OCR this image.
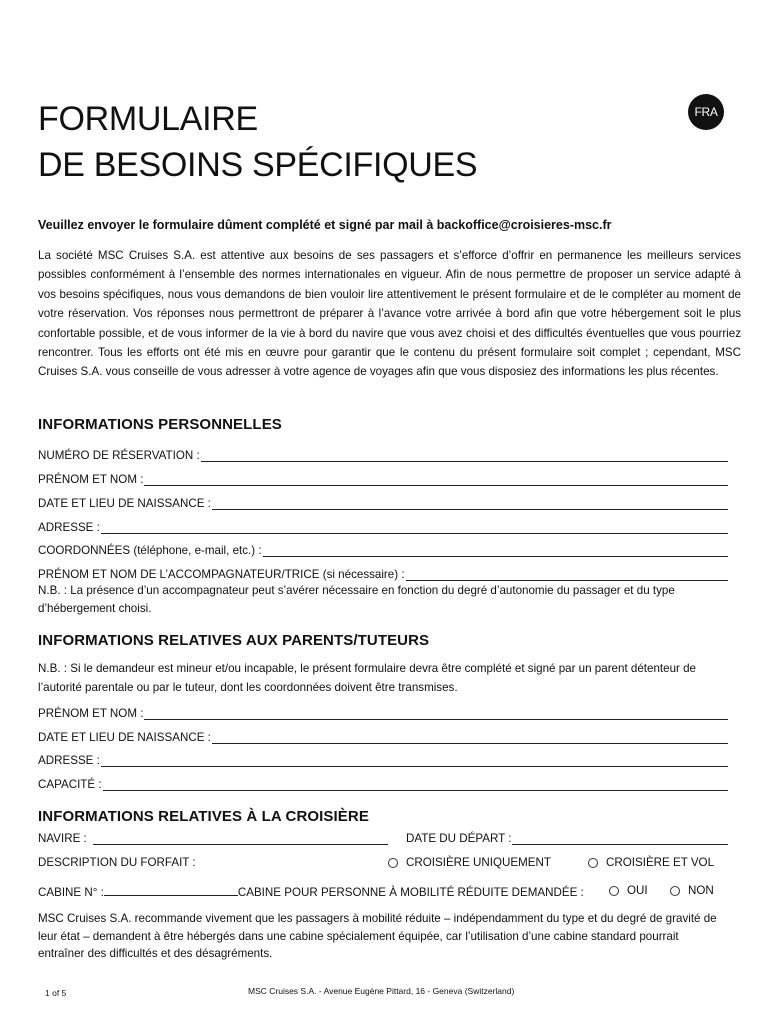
FORMULAIRE
DE BESOINS SPÉCIFIQUES
FRA

Veuillez envoyer le formulaire dûment complété et signé par mail à backoffice@croisieres-msc.fr

La société MSC Cruises S.A. est attentive aux besoins de ses passagers et s’efforce d’offrir en permanence les meilleurs services possibles conformément à l’ensemble des normes internationales en vigueur. Afin de nous permettre de proposer un service adapté à vos besoins spécifiques, nous vous demandons de bien vouloir lire attentivement le présent formulaire et de le compléter au moment de votre réservation. Vos réponses nous permettront de préparer à l’avance votre arrivée à bord afin que votre hébergement soit le plus confortable possible, et de vous informer de la vie à bord du navire que vous avez choisi et des difficultés éventuelles que vous pourriez rencontrer. Tous les efforts ont été mis en œuvre pour garantir que le contenu du présent formulaire soit complet ; cependant, MSC Cruises S.A. vous conseille de vous adresser à votre agence de voyages afin que vous disposiez des informations les plus récentes.

INFORMATIONS PERSONNELLES
NUMÉRO DE RÉSERVATION :
PRÉNOM ET NOM :
DATE ET LIEU DE NAISSANCE :
ADRESSE :
COORDONNÉES (téléphone, e-mail, etc.) :
PRÉNOM ET NOM DE L’ACCOMPAGNATEUR/TRICE (si nécessaire) :

N.B. : La présence d’un accompagnateur peut s’avérer nécessaire en fonction du degré d’autonomie du passager et du type d’hébergement choisi.

INFORMATIONS RELATIVES AUX PARENTS/TUTEURS

N.B. : Si le demandeur est mineur et/ou incapable, le présent formulaire devra être complété et signé par un parent détenteur de l’autorité parentale ou par le tuteur, dont les coordonnées doivent être transmises.

PRÉNOM ET NOM :
DATE ET LIEU DE NAISSANCE :
ADRESSE :
CAPACITÉ :
INFORMATIONS RELATIVES À LA CROISIÈRE
NAVIRE :	DATE DU DÉPART :
DESCRIPTION DU FORFAIT :	CROISIÈRE UNIQUEMENT	CROISIÈRE ET VOL
CABINE N° :	CABINE POUR PERSONNE À MOBILITÉ RÉDUITE DEMANDÉE :	OUI	NON

MSC Cruises S.A. recommande vivement que les passagers à mobilité réduite – indépendamment du type et du degré de gravité de leur état – demandent à être hébergés dans une cabine spécialement équipée, car l’utilisation d’une cabine standard pourrait entraîner des difficultés et des désagréments.

1 of 5	MSC Cruises S.A. - Avenue Eugène Pittard, 16 - Geneva (Switzerland)
